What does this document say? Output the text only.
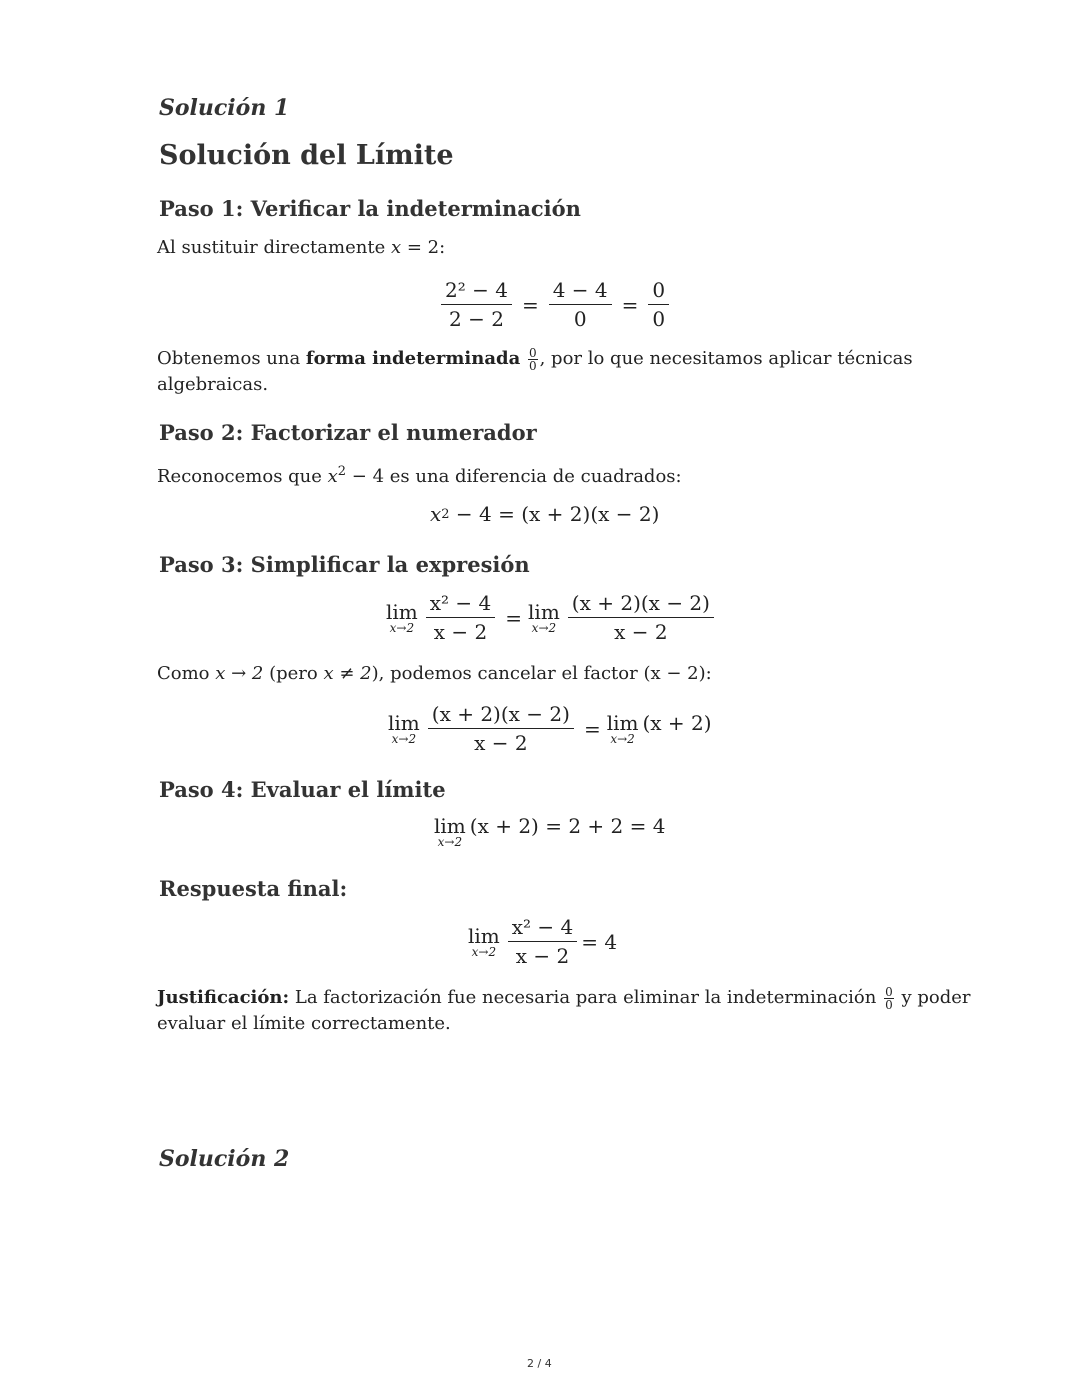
Solución 1
Solución del Límite
Paso 1: Verificar la indeterminación
Al sustituir directamente x = 2:
$\frac{\text{2² − 4}}{2 - 2} = \frac{4 - 4}{0} = \frac{0}{0}$
Obtenemos una forma indeterminada $\frac{0}{0}$ , por lo que necesitamos aplicar técnicas
algebraicas.
Paso 2: Factorizar el numerador
Reconocemos que $x^2 - 4$ es una diferencia de cuadrados:
x 2 − 4 = (x + 2)(x − 2)
Paso 3: Simplificar la expresión
lim
$x\to 2 \frac{\text{x² − 4}}{x - 2} = \lim$
$x\to 2 \frac{(x + 2)(x - 2)}{x - 2}$
Como x → 2 (pero x ≠ 2), podemos cancelar el factor (x − 2):
lim
$x\to 2 \frac{(x + 2)(x - 2)}{x - 2} = \lim$
x→2
(x + 2)
Paso 4: Evaluar el límite
lim
x→2
(x + 2) = 2 + 2 = 4
Respuesta final:
lim
$x\to 2 \frac{\text{x² − 4}}{x - 2} = 4$
Justificación: La factorización fue necesaria para eliminar la indeterminación $\frac{0}{0}$ y poder
evaluar el límite correctamente.
Solución 2
2 / 4
